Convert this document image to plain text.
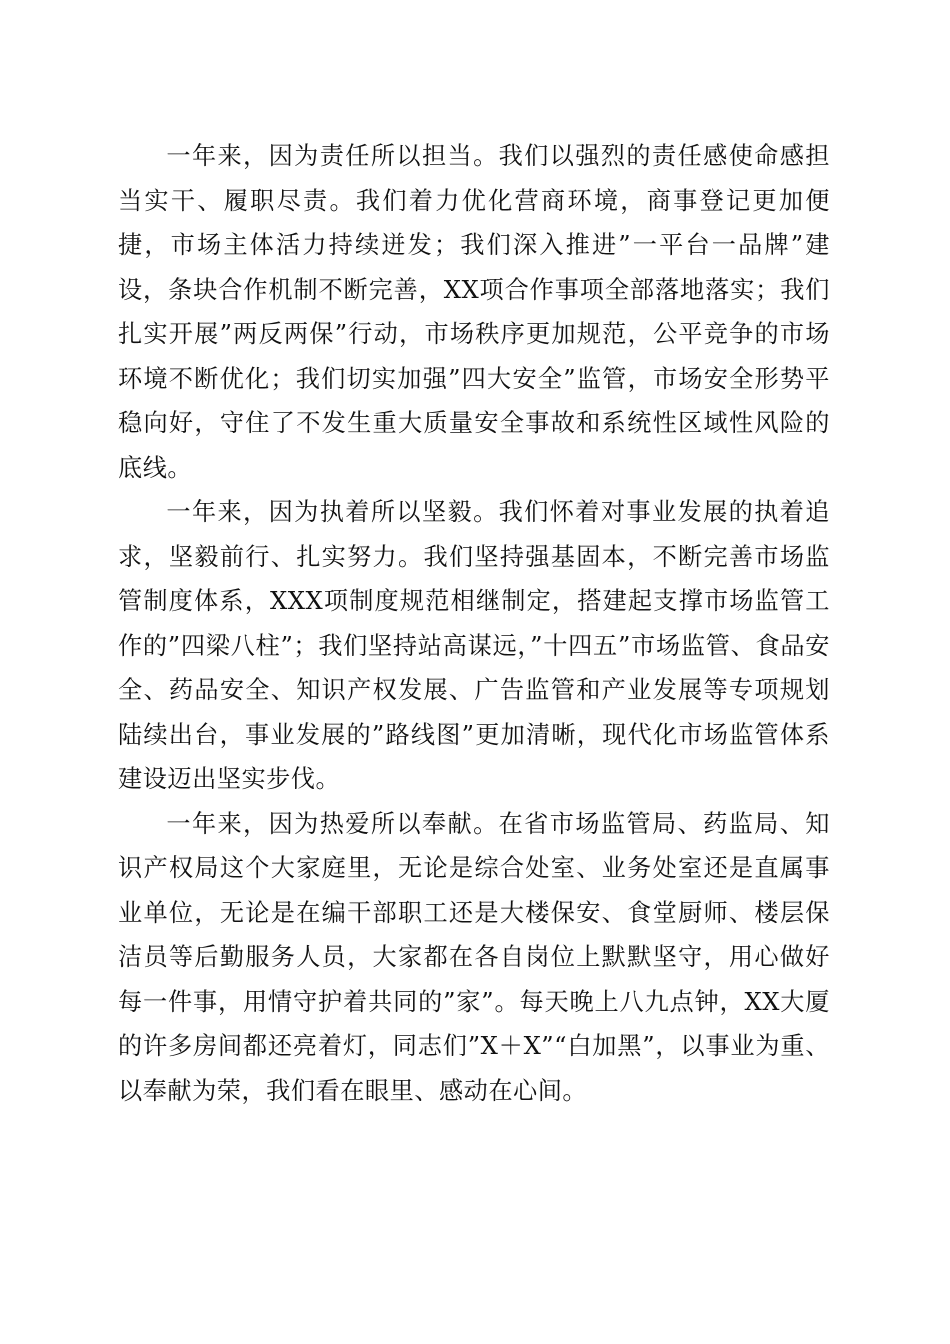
一年来，因为责任所以担当。我们以强烈的责任感使命感担当实干、履职尽责。我们着力优化营商环境，商事登记更加便捷，市场主体活力持续迸发；我们深入推进”一平台一品牌”建设，条块合作机制不断完善，XX项合作事项全部落地落实；我们扎实开展”两反两保”行动，市场秩序更加规范，公平竞争的市场环境不断优化；我们切实加强”四大安全”监管，市场安全形势平稳向好，守住了不发生重大质量安全事故和系统性区域性风险的底线。

一年来，因为执着所以坚毅。我们怀着对事业发展的执着追求，坚毅前行、扎实努力。我们坚持强基固本，不断完善市场监管制度体系，XXX项制度规范相继制定，搭建起支撑市场监管工作的”四梁八柱”；我们坚持站高谋远，”十四五”市场监管、食品安全、药品安全、知识产权发展、广告监管和产业发展等专项规划陆续出台，事业发展的”路线图”更加清晰，现代化市场监管体系建设迈出坚实步伐。

一年来，因为热爱所以奉献。在省市场监管局、药监局、知识产权局这个大家庭里，无论是综合处室、业务处室还是直属事业单位，无论是在编干部职工还是大楼保安、食堂厨师、楼层保洁员等后勤服务人员，大家都在各自岗位上默默坚守，用心做好每一件事，用情守护着共同的”家”。每天晚上八九点钟，XX大厦的许多房间都还亮着灯，同志们”X＋X”“白加黑”，以事业为重、以奉献为荣，我们看在眼里、感动在心间。
